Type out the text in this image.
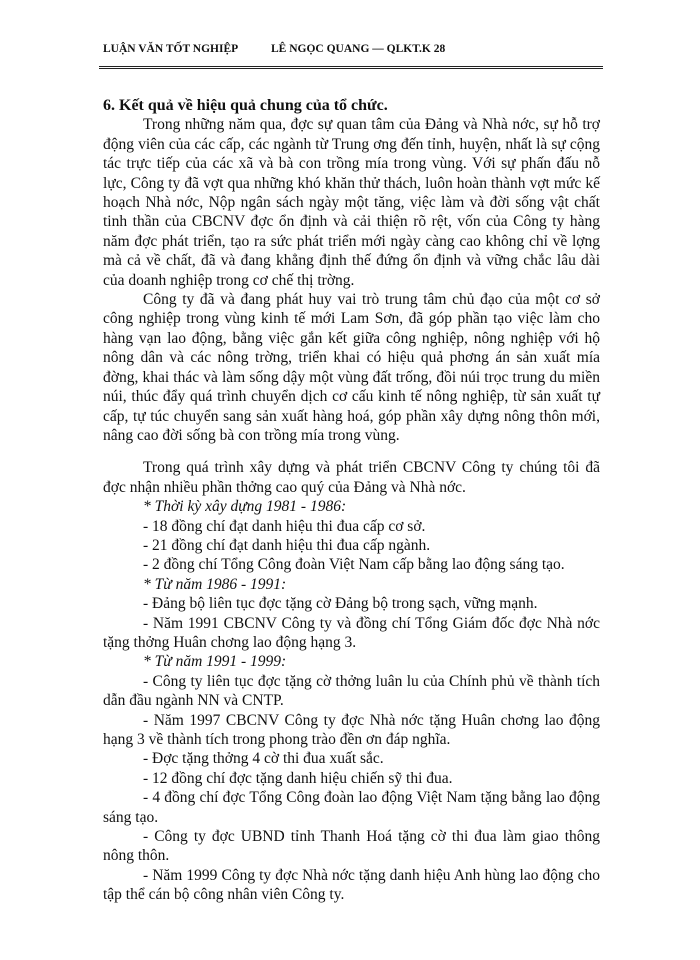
LUẬN VĂN TỐT NGHIỆP	LÊ NGỌC QUANG — QLKT.K 28

6. Kết quả về hiệu quả chung của tổ chức.

Trong những năm qua, đợc sự quan tâm của Đảng và Nhà nớc, sự hỗ trợ động viên của các cấp, các ngành từ Trung ơng đến tỉnh, huyện, nhất là sự cộng tác trực tiếp của các xã và bà con trồng mía trong vùng. Với sự phấn đấu nỗ lực, Công ty đã vợt qua những khó khăn thử thách, luôn hoàn thành vợt mức kế hoạch Nhà nớc, Nộp ngân sách ngày một tăng, việc làm và đời sống vật chất tinh thần của CBCNV đợc ổn định và cải thiện rõ rệt, vốn của Công ty hàng năm đợc phát triển, tạo ra sức phát triển mới ngày càng cao không chỉ về lợng mà cả về chất, đã và đang khẳng định thế đứng ổn định và vững chắc lâu dài của doanh nghiệp trong cơ chế thị trờng.

Công ty đã và đang phát huy vai trò trung tâm chủ đạo của một cơ sở công nghiệp trong vùng kinh tế mới Lam Sơn, đã góp phần tạo việc làm cho hàng vạn lao động, bằng việc gắn kết giữa công nghiệp, nông nghiệp với hộ nông dân và các nông trờng, triển khai có hiệu quả phơng án sản xuất mía đờng, khai thác và làm sống dậy một vùng đất trống, đồi núi trọc trung du miền núi, thúc đẩy quá trình chuyển dịch cơ cấu kinh tế nông nghiệp, từ sản xuất tự cấp, tự túc chuyển sang sản xuất hàng hoá, góp phần xây dựng nông thôn mới, nâng cao đời sống bà con trồng mía trong vùng.

Trong quá trình xây dựng và phát triển CBCNV Công ty chúng tôi đã đợc nhận nhiều phần thởng cao quý của Đảng và Nhà nớc.

* Thời kỳ xây dựng 1981 - 1986:

- 18 đồng chí đạt danh hiệu thi đua cấp cơ sở.

- 21 đồng chí đạt danh hiệu thi đua cấp ngành.

- 2 đồng chí Tổng Công đoàn Việt Nam cấp bằng lao động sáng tạo.

* Từ năm 1986 - 1991:

- Đảng bộ liên tục đợc tặng cờ Đảng bộ trong sạch, vững mạnh.

- Năm 1991 CBCNV Công ty và đồng chí Tổng Giám đốc đợc Nhà nớc tặng thởng Huân chơng lao động hạng 3.

* Từ năm 1991 - 1999:

- Công ty liên tục đợc tặng cờ thởng luân lu của Chính phủ về thành tích dẫn đầu ngành NN và CNTP.

- Năm 1997 CBCNV Công ty đợc Nhà nớc tặng Huân chơng lao động hạng 3 về thành tích trong phong trào đền ơn đáp nghĩa.

- Đợc tặng thởng 4 cờ thi đua xuất sắc.

- 12 đồng chí đợc tặng danh hiệu chiến sỹ thi đua.

- 4 đồng chí đợc Tổng Công đoàn lao động Việt Nam tặng bằng lao động sáng tạo.

- Công ty đợc UBND tỉnh Thanh Hoá tặng cờ thi đua làm giao thông nông thôn.

- Năm 1999 Công ty đợc Nhà nớc tặng danh hiệu Anh hùng lao động cho tập thể cán bộ công nhân viên Công ty.
